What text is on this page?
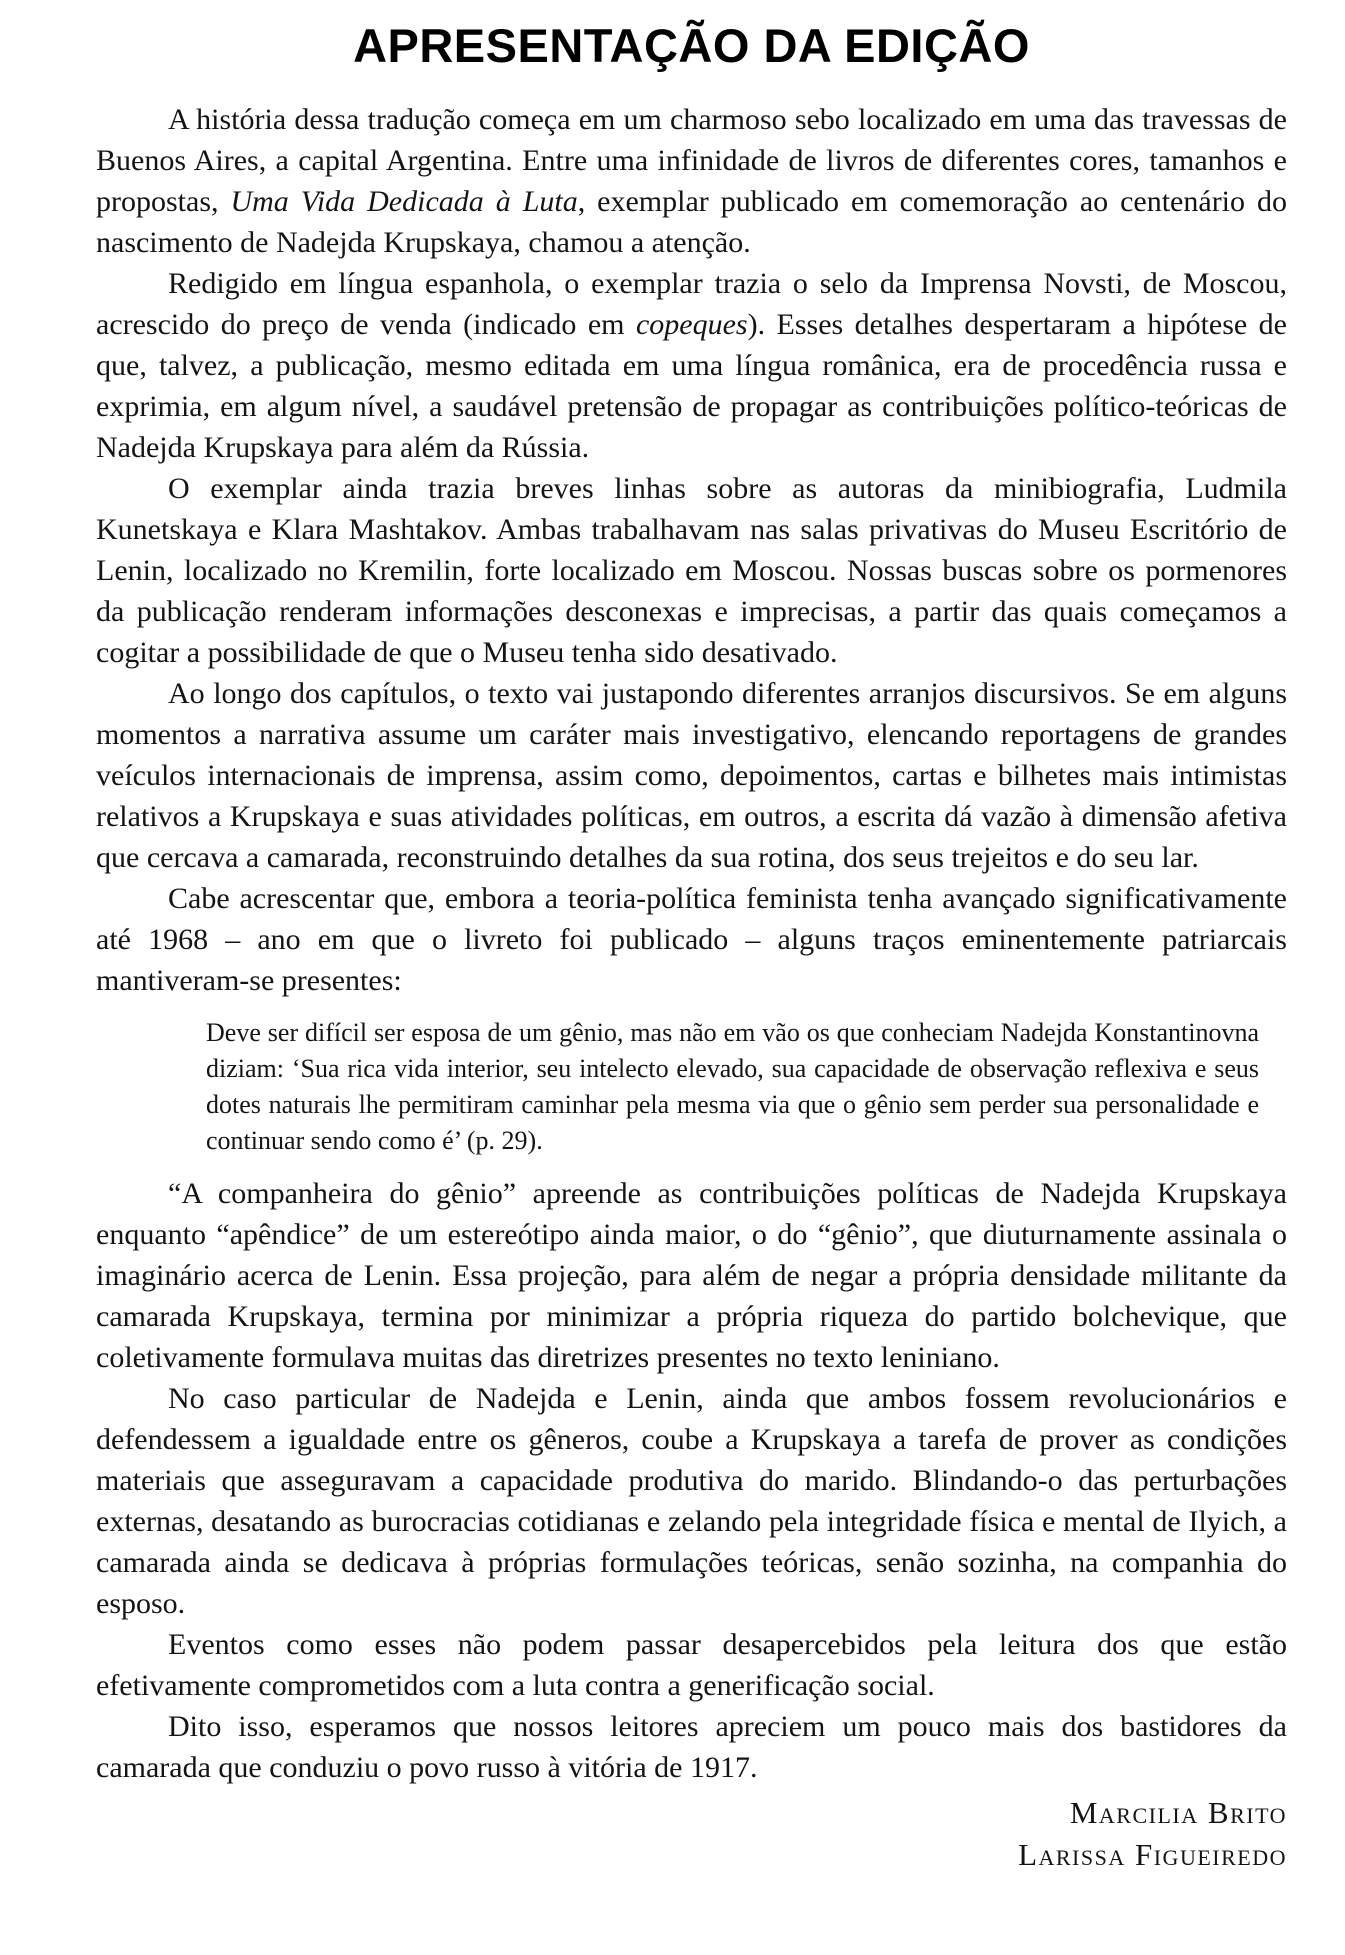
APRESENTAÇÃO DA EDIÇÃO

A história dessa tradução começa em um charmoso sebo localizado em uma das travessas de Buenos Aires, a capital Argentina. Entre uma infinidade de livros de diferentes cores, tamanhos e propostas, Uma Vida Dedicada à Luta, exemplar publicado em comemoração ao centenário do nascimento de Nadejda Krupskaya, chamou a atenção.

Redigido em língua espanhola, o exemplar trazia o selo da Imprensa Novsti, de Moscou, acrescido do preço de venda (indicado em copeques). Esses detalhes despertaram a hipótese de que, talvez, a publicação, mesmo editada em uma língua românica, era de procedência russa e exprimia, em algum nível, a saudável pretensão de propagar as contribuições político-teóricas de Nadejda Krupskaya para além da Rússia.

O exemplar ainda trazia breves linhas sobre as autoras da minibiografia, Ludmila Kunetskaya e Klara Mashtakov. Ambas trabalhavam nas salas privativas do Museu Escritório de Lenin, localizado no Kremilin, forte localizado em Moscou. Nossas buscas sobre os pormenores da publicação renderam informações desconexas e imprecisas, a partir das quais começamos a cogitar a possibilidade de que o Museu tenha sido desativado.

Ao longo dos capítulos, o texto vai justapondo diferentes arranjos discursivos. Se em alguns momentos a narrativa assume um caráter mais investigativo, elencando reportagens de grandes veículos internacionais de imprensa, assim como, depoimentos, cartas e bilhetes mais intimistas relativos a Krupskaya e suas atividades políticas, em outros, a escrita dá vazão à dimensão afetiva que cercava a camarada, reconstruindo detalhes da sua rotina, dos seus trejeitos e do seu lar.

Cabe acrescentar que, embora a teoria-política feminista tenha avançado significativamente até 1968 – ano em que o livreto foi publicado – alguns traços eminentemente patriarcais mantiveram-se presentes:

Deve ser difícil ser esposa de um gênio, mas não em vão os que conheciam Nadejda Konstantinovna diziam: ‘Sua rica vida interior, seu intelecto elevado, sua capacidade de observação reflexiva e seus dotes naturais lhe permitiram caminhar pela mesma via que o gênio sem perder sua personalidade e continuar sendo como é’ (p. 29).

“A companheira do gênio” apreende as contribuições políticas de Nadejda Krupskaya enquanto “apêndice” de um estereótipo ainda maior, o do “gênio”, que diuturnamente assinala o imaginário acerca de Lenin. Essa projeção, para além de negar a própria densidade militante da camarada Krupskaya, termina por minimizar a própria riqueza do partido bolchevique, que coletivamente formulava muitas das diretrizes presentes no texto leniniano.

No caso particular de Nadejda e Lenin, ainda que ambos fossem revolucionários e defendessem a igualdade entre os gêneros, coube a Krupskaya a tarefa de prover as condições materiais que asseguravam a capacidade produtiva do marido. Blindando-o das perturbações externas, desatando as burocracias cotidianas e zelando pela integridade física e mental de Ilyich, a camarada ainda se dedicava à próprias formulações teóricas, senão sozinha, na companhia do esposo.

Eventos como esses não podem passar desapercebidos pela leitura dos que estão efetivamente comprometidos com a luta contra a generificação social.

Dito isso, esperamos que nossos leitores apreciem um pouco mais dos bastidores da camarada que conduziu o povo russo à vitória de 1917.

Marcilia Brito
Larissa Figueiredo
